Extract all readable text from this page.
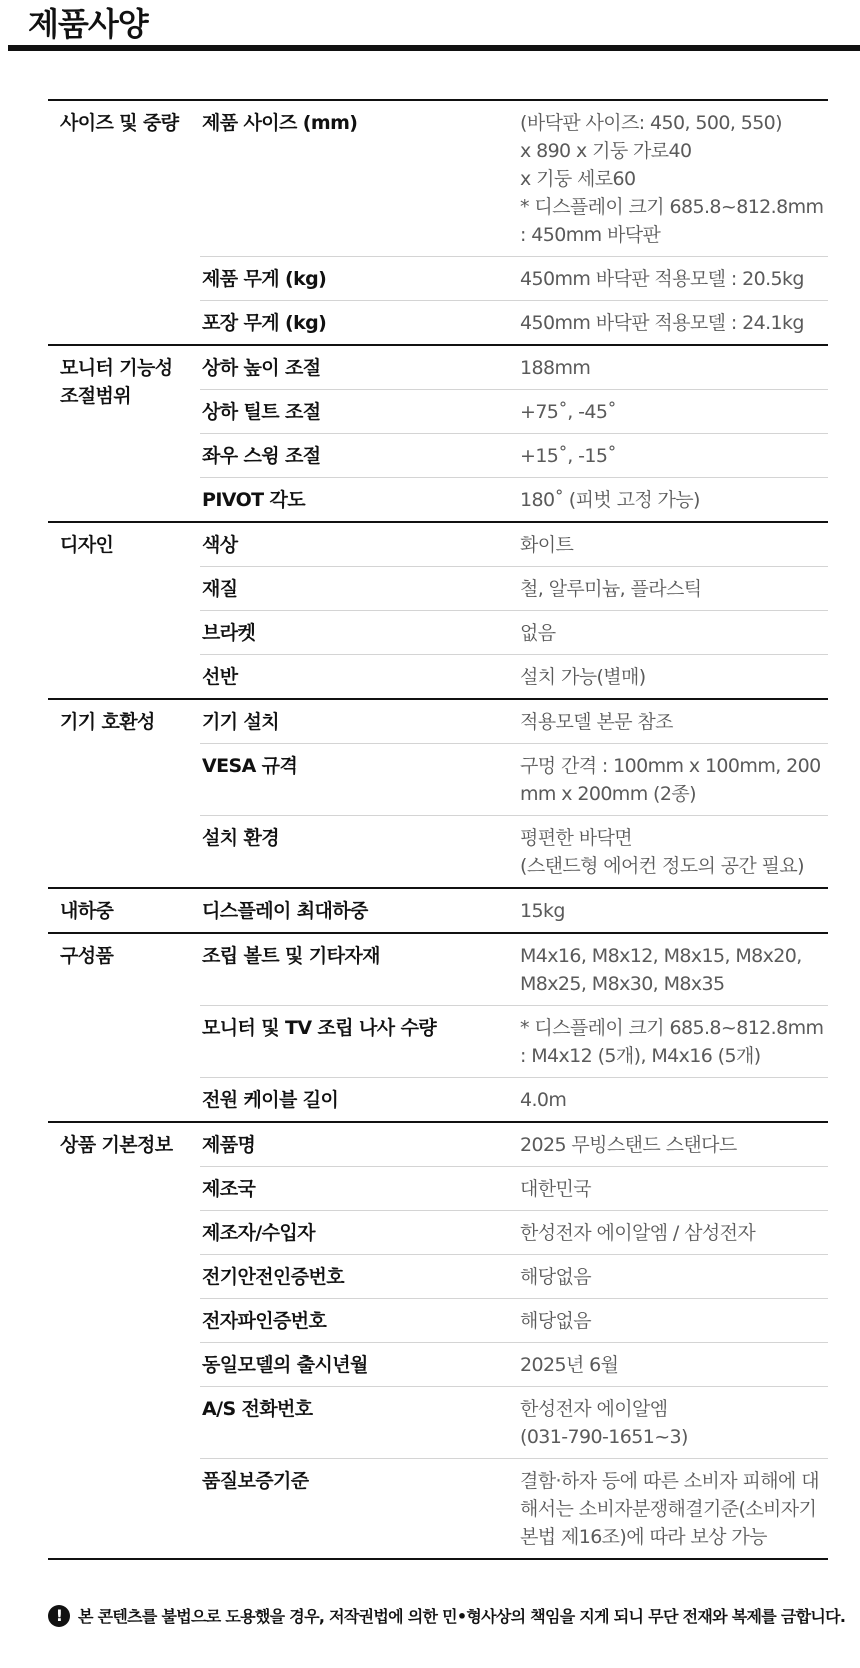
제품사양
사이즈 및 중량	제품 사이즈 (mm)	(바닥판 사이즈: 450, 500, 550)
x 890 x 기둥 가로40
x 기둥 세로60
* 디스플레이 크기 685.8~812.8mm
: 450mm 바닥판
	제품 무게 (kg)	450mm 바닥판 적용모델 : 20.5kg
	포장 무게 (kg)	450mm 바닥판 적용모델 : 24.1kg
모니터 기능성
조절범위	상하 높이 조절	188mm
	상하 틸트 조절	+75˚, -45˚
	좌우 스윙 조절	+15˚, -15˚
	PIVOT 각도	180˚ (피벗 고정 가능)
디자인	색상	화이트
	재질	철, 알루미늄, 플라스틱
	브라켓	없음
	선반	설치 가능(별매)
기기 호환성	기기 설치	적용모델 본문 참조
	VESA 규격	구멍 간격 : 100mm x 100mm, 200
mm x 200mm (2종)
	설치 환경	평편한 바닥면
(스탠드형 에어컨 정도의 공간 필요)
내하중	디스플레이 최대하중	15kg
구성품	조립 볼트 및 기타자재	M4x16, M8x12, M8x15, M8x20,
M8x25, M8x30, M8x35
	모니터 및 TV 조립 나사 수량	* 디스플레이 크기 685.8~812.8mm
: M4x12 (5개), M4x16 (5개)
	전원 케이블 길이	4.0m
상품 기본정보	제품명	2025 무빙스탠드 스탠다드
	제조국	대한민국
	제조자/수입자	한성전자 에이알엠 / 삼성전자
	전기안전인증번호	해당없음
	전자파인증번호	해당없음
	동일모델의 출시년월	2025년 6월
	A/S 전화번호	한성전자 에이알엠
(031-790-1651~3)
	품질보증기준	결함·하자 등에 따른 소비자 피해에 대
해서는 소비자분쟁해결기준(소비자기
본법 제16조)에 따라 보상 가능
! 본 콘텐츠를 불법으로 도용했을 경우, 저작권법에 의한 민•형사상의 책임을 지게 되니 무단 전재와 복제를 금합니다.
